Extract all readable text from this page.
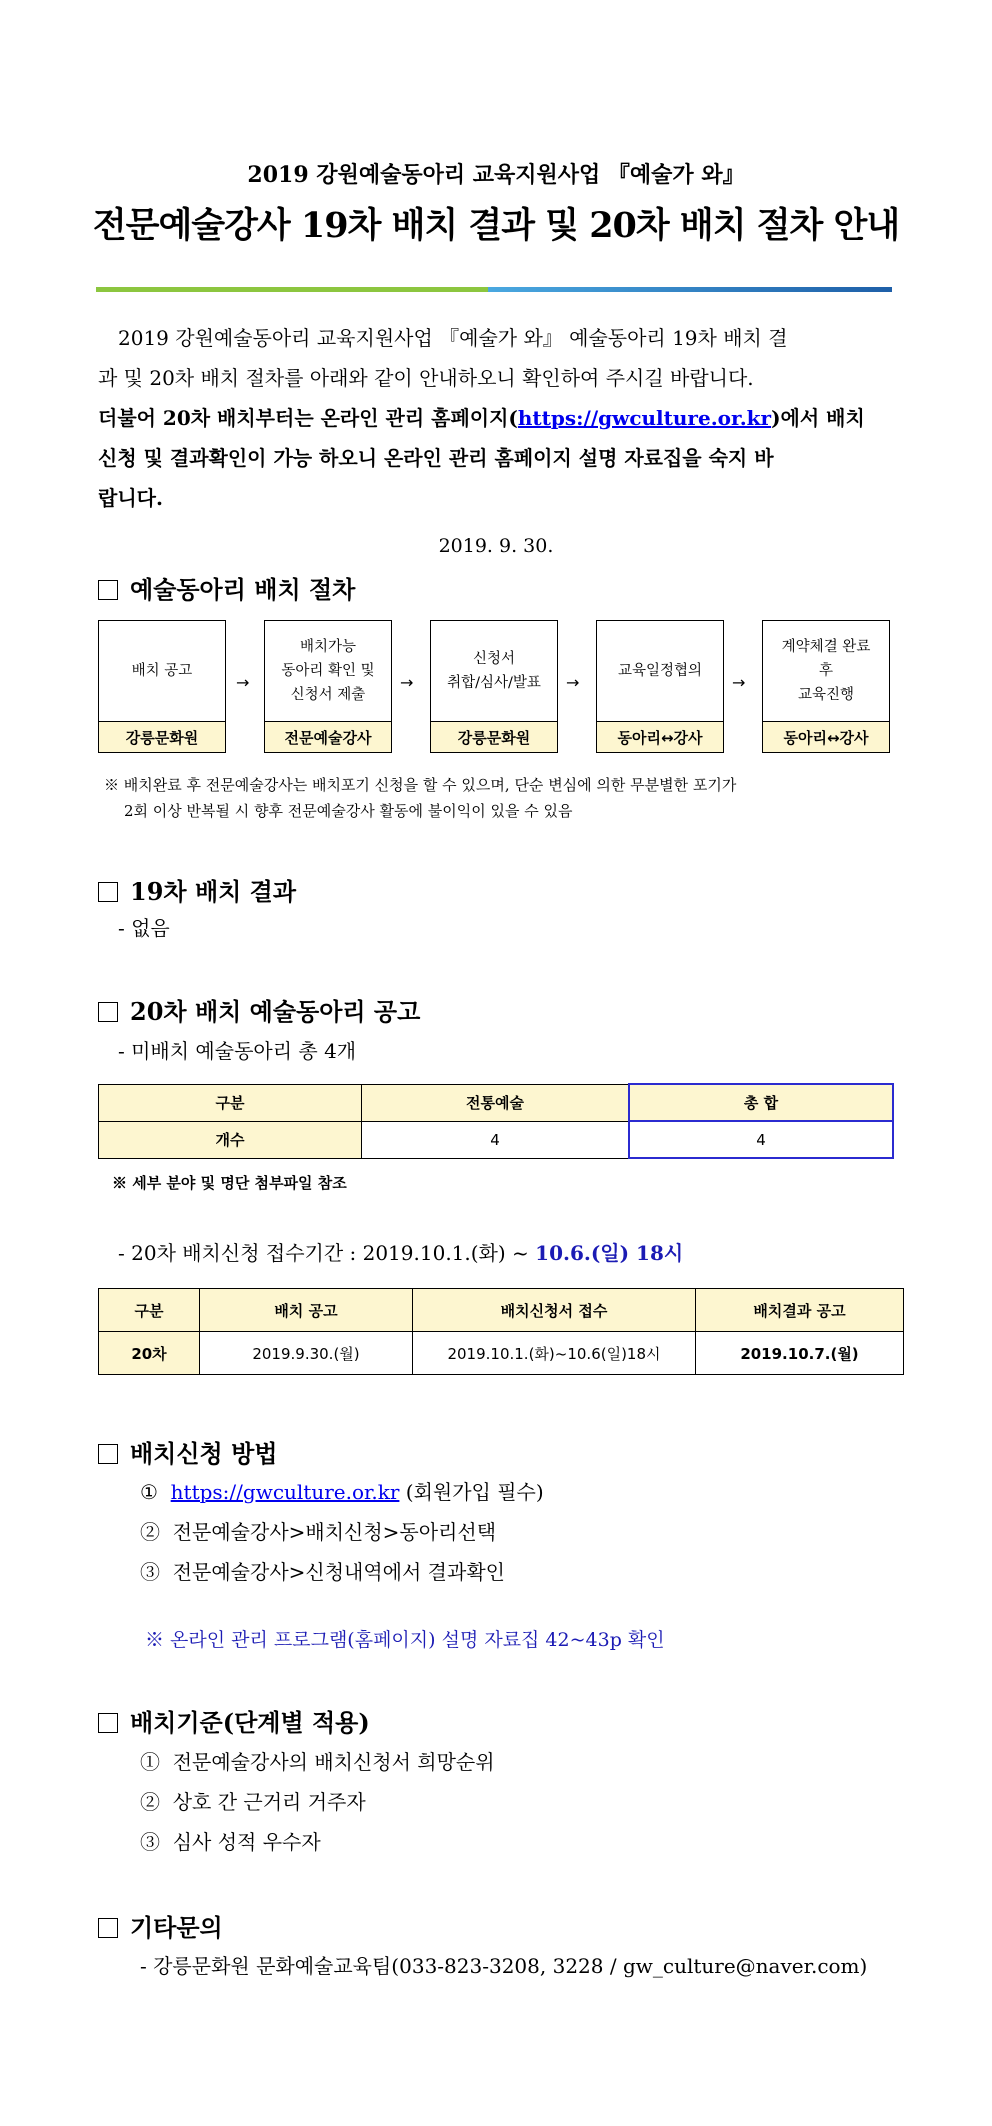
2019 강원예술동아리 교육지원사업 『예술가 와』
전문예술강사 19차 배치 결과 및 20차 배치 절차 안내
2019 강원예술동아리 교육지원사업 『예술가 와』 예술동아리 19차 배치 결
과 및 20차 배치 절차를 아래와 같이 안내하오니 확인하여 주시길 바랍니다.
더불어 20차 배치부터는 온라인 관리 홈페이지(https://gwculture.or.kr)에서 배치
신청 및 결과확인이 가능 하오니 온라인 관리 홈페이지 설명 자료집을 숙지 바
랍니다.
2019. 9. 30.
예술동아리 배치 절차
배치 공고
강릉문화원
→
배치가능
동아리 확인 및
신청서 제출
전문예술강사
→
신청서
취합/심사/발표
강릉문화원
→
교육일정협의
동아리↔강사
→
계약체결 완료
후
교육진행
동아리↔강사
※ 배치완료 후 전문예술강사는 배치포기 신청을 할 수 있으며, 단순 변심에 의한 무분별한 포기가
2회 이상 반복될 시 향후 전문예술강사 활동에 불이익이 있을 수 있음
19차 배치 결과
- 없음
20차 배치 예술동아리 공고
- 미배치 예술동아리 총 4개
구분	전통예술	총 합
개수	4	4
※ 세부 분야 및 명단 첨부파일 참조
- 20차 배치신청 접수기간 : 2019.10.1.(화) ~ 10.6.(일) 18시
구분	배치 공고	배치신청서 접수	배치결과 공고
20차	2019.9.30.(월)	2019.10.1.(화)~10.6(일)18시	2019.10.7.(월)
배치신청 방법
① https://gwculture.or.kr (회원가입 필수)
② 전문예술강사>배치신청>동아리선택
③ 전문예술강사>신청내역에서 결과확인
※ 온라인 관리 프로그램(홈페이지) 설명 자료집 42~43p 확인
배치기준(단계별 적용)
① 전문예술강사의 배치신청서 희망순위
② 상호 간 근거리 거주자
③ 심사 성적 우수자
기타문의
- 강릉문화원 문화예술교육팀(033-823-3208, 3228 / gw_culture@naver.com)
